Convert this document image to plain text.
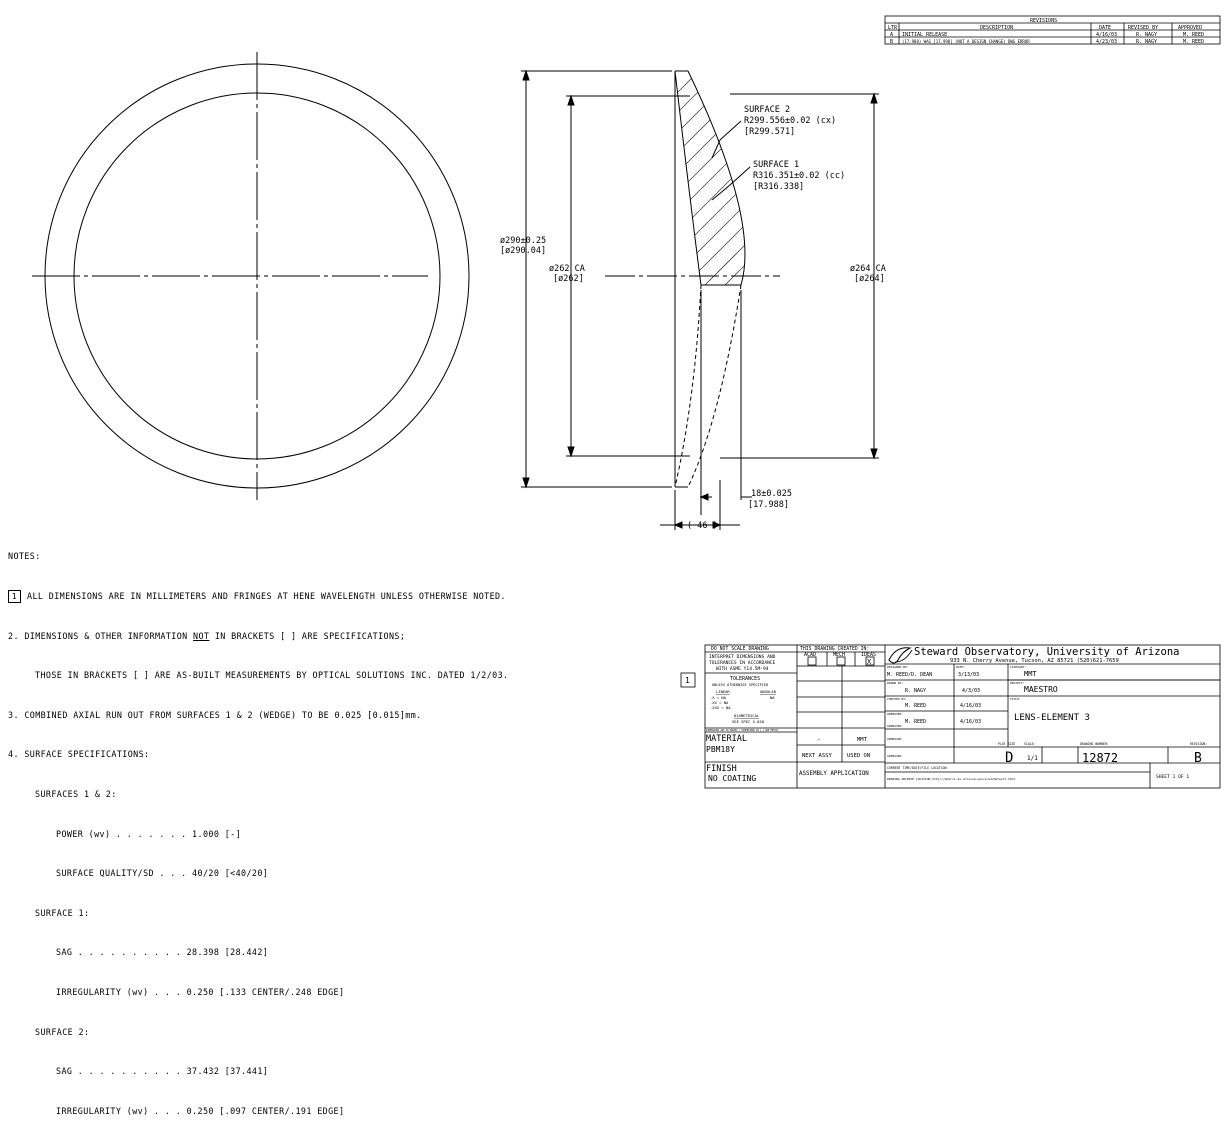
SURFACE 2
R299.556±0.02 (cx)
[R299.571]
SURFACE 1
R316.351±0.02 (cc)
[R316.338]
ø290±0.25
[ø290.04]
ø262 CA
[ø262]
ø264 CA
[ø264]
18±0.025
[17.988]
( 46 )
REVISIONS
LTR	DESCRIPTION	DATE	REVISED BY	APPROVED
A INITIAL RELEASE	4/16/03	R. NAGY	M. REED
B (17.988) WAS [17.998] (NOT A DESIGN CHANGE) DWG ERROR	4/23/03	R. NAGY	M. REED
DO NOT SCALE DRAWING
INTERPRET DIMENSIONS AND
TOLERANCES IN ACCORDANCE
WITH ASME Y14.5M-94
TOLERANCES
UNLESS OTHERWISE SPECIFIED
LINEAR	ANGULAR
.X = NA	NA
.XX = NA
.XXX = NA
DIAMETRICAL
SEE SPEC S-030
DIMENSIONS ARE IN INCHES / DIMENSIONS IN [ ] ARE METRIC
MATERIAL
PBM18Y
FINISH
NO COATING
THIS DRAWING CREATED IN:
ACAD	MECH	IDEAS
X
-	MMT
NEXT ASSY	USED ON
ASSEMBLY APPLICATION
Steward Observatory, University of Arizona
933 N. Cherry Avenue, Tucson, AZ 85721 (520)621-7659
DESIGNED BY:
M. REED/D. DEAN
DATE:
3/13/03
DRAWN BY:
R. NAGY	4/3/03
CHECKED BY:
M. REED	4/16/03
APPROVED
M. REED	4/16/03
APPROVED
APPROVED
APPROVED
CATEGORY:
MMT
PROJECT:
MAESTRO
TITLE:
LENS-ELEMENT 3
PLOT SIZE
D
SCALE:
1/1
DRAWING NUMBER:
12872
REVISION:
B
CURRENT TIME/DATE/FILE LOCATION
DRAWING ARCHIVE LOCATION http://mmtrc1.as.arizona.edu/scad/Default.html	SHEET 1 OF 1
1

NOTES:

1 ALL DIMENSIONS ARE IN MILLIMETERS AND FRINGES AT HENE WAVELENGTH UNLESS OTHERWISE NOTED.

2. DIMENSIONS & OTHER INFORMATION NOT IN BRACKETS [ ] ARE SPECIFICATIONS;

THOSE IN BRACKETS [ ] ARE AS-BUILT MEASUREMENTS BY OPTICAL SOLUTIONS INC. DATED 1/2/03.

3. COMBINED AXIAL RUN OUT FROM SURFACES 1 & 2 (WEDGE) TO BE 0.025 [0.015]mm.

4. SURFACE SPECIFICATIONS:

SURFACES 1 & 2:

POWER (wv) . . . . . . . 1.000 [-]

SURFACE QUALITY/SD . . . 40/20 [<40/20]

SURFACE 1:

SAG . . . . . . . . . . 28.398 [28.442]

IRREGULARITY (wv) . . . 0.250 [.133 CENTER/.248 EDGE]

SURFACE 2:

SAG . . . . . . . . . . 37.432 [37.441]

IRREGULARITY (wv) . . . 0.250 [.097 CENTER/.191 EDGE]
